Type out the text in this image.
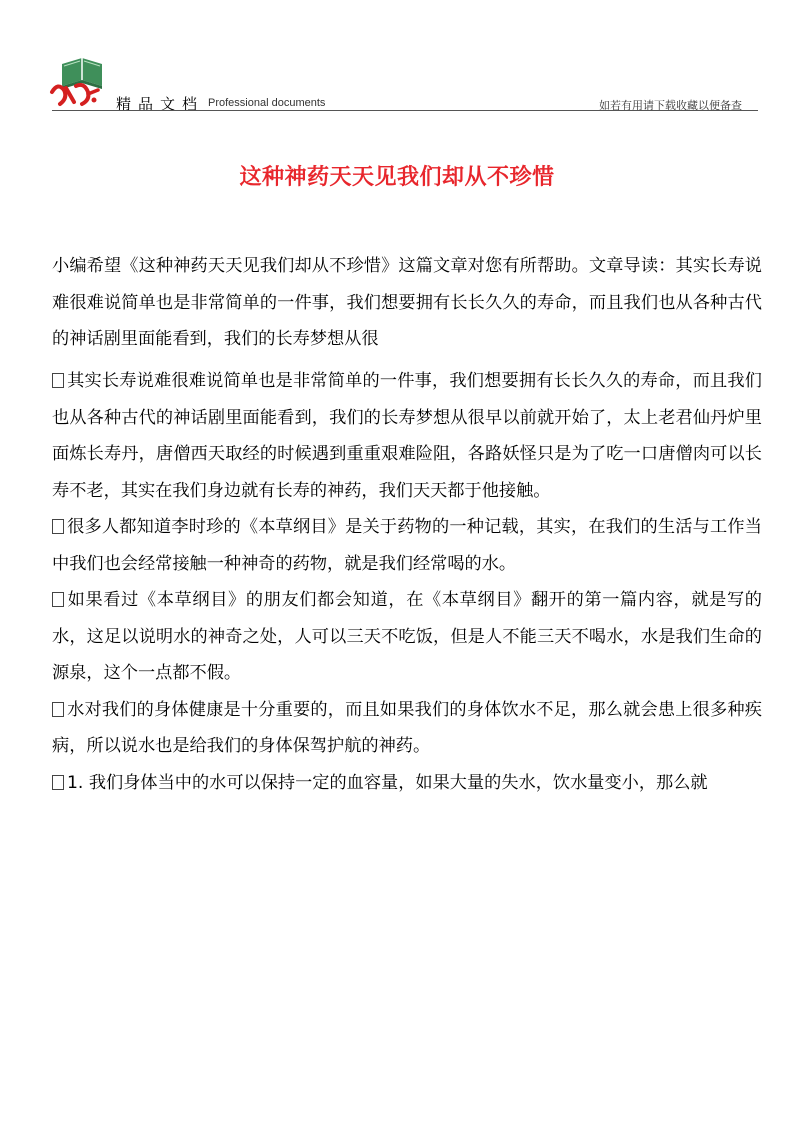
精品文档 Professional documents	如若有用请下载收藏以便备查
这种神药天天见我们却从不珍惜

小编希望《这种神药天天见我们却从不珍惜》这篇文章对您有所帮助。文章导读：其实长寿说难很难说简单也是非常简单的一件事，我们想要拥有长长久久的寿命，而且我们也从各种古代的神话剧里面能看到，我们的长寿梦想从很

其实长寿说难很难说简单也是非常简单的一件事，我们想要拥有长长久久的寿命，而且我们也从各种古代的神话剧里面能看到，我们的长寿梦想从很早以前就开始了，太上老君仙丹炉里面炼长寿丹，唐僧西天取经的时候遇到重重艰难险阻，各路妖怪只是为了吃一口唐僧肉可以长寿不老，其实在我们身边就有长寿的神药，我们天天都于他接触。

很多人都知道李时珍的《本草纲目》是关于药物的一种记载，其实，在我们的生活与工作当中我们也会经常接触一种神奇的药物，就是我们经常喝的水。

如果看过《本草纲目》的朋友们都会知道，在《本草纲目》翻开的第一篇内容，就是写的水，这足以说明水的神奇之处，人可以三天不吃饭，但是人不能三天不喝水，水是我们生命的源泉，这个一点都不假。

水对我们的身体健康是十分重要的，而且如果我们的身体饮水不足，那么就会患上很多种疾病，所以说水也是给我们的身体保驾护航的神药。

1. 我们身体当中的水可以保持一定的血容量，如果大量的失水，饮水量变小，那么就
